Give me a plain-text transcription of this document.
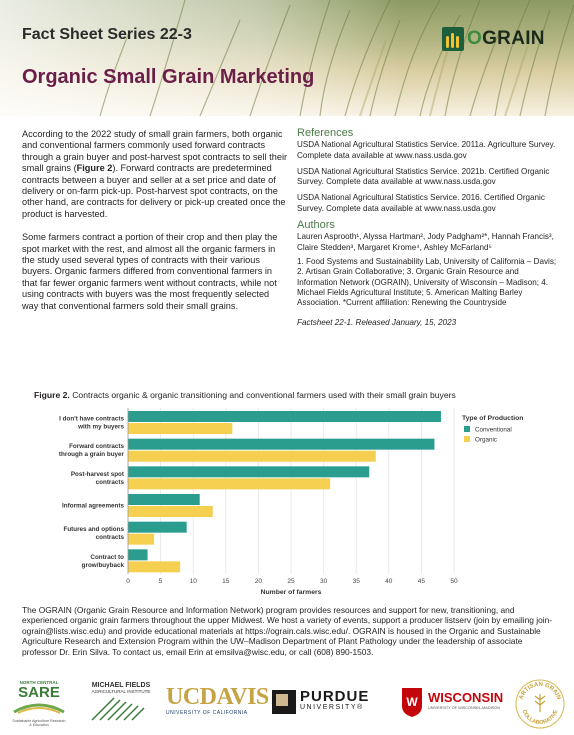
Fact Sheet Series 22-3
Organic Small Grain Marketing
OGRAIN

According to the 2022 study of small grain farmers, both organic and conventional farmers commonly used forward contracts through a grain buyer and post-harvest spot contracts to sell their small grains (Figure 2). Forward contracts are predetermined contracts between a buyer and seller at a set price and date of delivery or on-farm pick-up. Post-harvest spot contracts, on the other hand, are contracts for delivery or pick-up created once the product is harvested.

Some farmers contract a portion of their crop and then play the spot market with the rest, and almost all the organic farmers in the study used several types of contracts with their various buyers. Organic farmers differed from conventional farmers in that far fewer organic farmers went without contracts, while not using contracts with buyers was the most frequently selected way that conventional farmers sold their small grains.

References
USDA National Agricultural Statistics Service. 2011a. Agriculture Survey. Complete data available at www.nass.usda.gov
USDA National Agricultural Statistics Service. 2021b. Certified Organic Survey. Complete data available at www.nass.usda.gov
USDA National Agricultural Statistics Service. 2016. Certified Organic Survey. Complete data available at www.nass.usda.gov
Authors
Lauren Asprooth¹, Alyssa Hartman², Jody Padgham²*, Hannah Francis³, Claire Stedden³, Margaret Krome⁴, Ashley McFarland⁵
1. Food Systems and Sustainability Lab, University of California – Davis; 2. Artisan Grain Collaborative; 3. Organic Grain Resource and Information Network (OGRAIN), University of Wisconsin – Madison; 4. Michael Fields Agricultural Institute; 5. American Malting Barley Association. *Current affiliation: Renewing the Countryside
Factsheet 22-1. Released January, 15, 2023
Figure 2. Contracts organic & organic transitioning and conventional farmers used with their small grain buyers
0	5	10	15	20	25	30	35	40	45	50
I don't have contracts
with my buyers
Forward contracts
through a grain buyer
Post-harvest spot
contracts
Informal agreements
Futures and options
contracts
Contract to
grow/buyback
Number of farmers
Type of Production
Conventional
Organic
The OGRAIN (Organic Grain Resource and Information Network) program provides resources and support for new, transitioning, and experienced organic grain farmers throughout the upper Midwest. We host a variety of events, support a producer listserv (join by emailing join-ograin@lists.wisc.edu) and provide educational materials at https://ograin.cals.wisc.edu/. OGRAIN is housed in the Organic and Sustainable Agriculture Research and Extension Program within the UW–Madison Department of Plant Pathology under the leadership of associate professor Dr. Erin Silva. To contact us, email Erin at emsilva@wisc.edu, or call (608) 890-1503.
NORTH CENTRAL
SARE
Sustainable Agriculture Research & Education
MICHAEL FIELDS
AGRICULTURAL INSTITUTE UCDAVIS
UNIVERSITY OF CALIFORNIA
PURDUE
UNIVERSITY®	W WISCONSIN
UNIVERSITY OF WISCONSIN–MADISON
ARTISAN GRAIN
COLLABORATIVE
